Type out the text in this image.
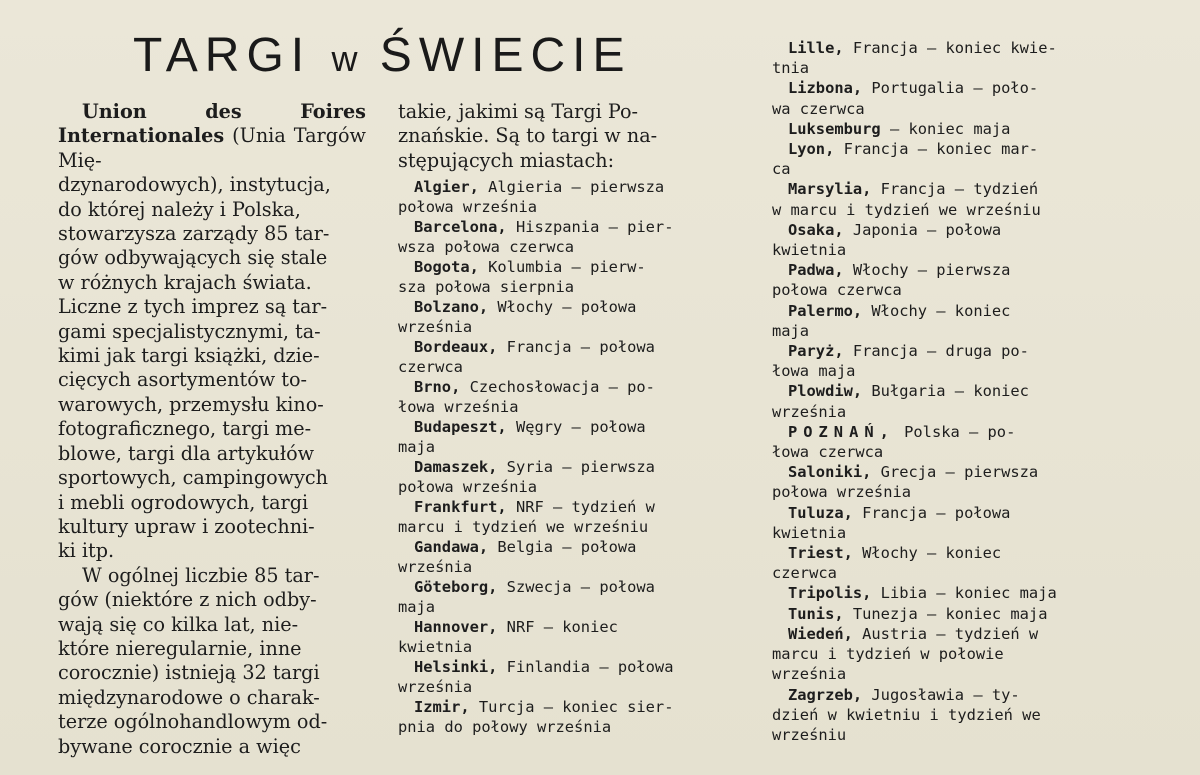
TARGI w ŚWIECIE
Union des Foires Internationales (Unia Targów Mię-
dzynarodowych), instytucja,
do której należy i Polska,
stowarzysza zarządy 85 tar-
gów odbywających się stale
w różnych krajach świata.
Liczne z tych imprez są tar-
gami specjalistycznymi, ta-
kimi jak targi książki, dzie-
cięcych asortymentów to-
warowych, przemysłu kino-
fotograficznego, targi me-
blowe, targi dla artykułów
sportowych, campingowych
i mebli ogrodowych, targi
kultury upraw i zootechni-
ki itp.
W ogólnej liczbie 85 tar-
gów (niektóre z nich odby-
wają się co kilka lat, nie-
które nieregularnie, inne
corocznie) istnieją 32 targi
międzynarodowe o charak-
terze ogólnohandlowym od-
bywane corocznie a więc
takie, jakimi są Targi Po-
znańskie. Są to targi w na-
stępujących miastach:
Algier, Algieria — pierwsza
połowa września
Barcelona, Hiszpania — pier-
wsza połowa czerwca
Bogota, Kolumbia — pierw-
sza połowa sierpnia
Bolzano, Włochy — połowa
września
Bordeaux, Francja — połowa
czerwca
Brno, Czechosłowacja — po-
łowa września
Budapeszt, Węgry — połowa
maja
Damaszek, Syria — pierwsza
połowa września
Frankfurt, NRF — tydzień w
marcu i tydzień we wrześniu
Gandawa, Belgia — połowa
września
Göteborg, Szwecja — połowa
maja
Hannover, NRF — koniec
kwietnia
Helsinki, Finlandia — połowa
września
Izmir, Turcja — koniec sier-
pnia do połowy września
Lille, Francja — koniec kwie-
tnia
Lizbona, Portugalia — poło-
wa czerwca
Luksemburg — koniec maja
Lyon, Francja — koniec mar-
ca
Marsylia, Francja — tydzień
w marcu i tydzień we wrześniu
Osaka, Japonia — połowa
kwietnia
Padwa, Włochy — pierwsza
połowa czerwca
Palermo, Włochy — koniec
maja
Paryż, Francja — druga po-
łowa maja
Plowdiw, Bułgaria — koniec
września
POZNAŃ, Polska — po-
łowa czerwca
Saloniki, Grecja — pierwsza
połowa września
Tuluza, Francja — połowa
kwietnia
Triest, Włochy — koniec
czerwca
Tripolis, Libia — koniec maja
Tunis, Tunezja — koniec maja
Wiedeń, Austria — tydzień w
marcu i tydzień w połowie
września
Zagrzeb, Jugosławia — ty-
dzień w kwietniu i tydzień we
wrześniu
